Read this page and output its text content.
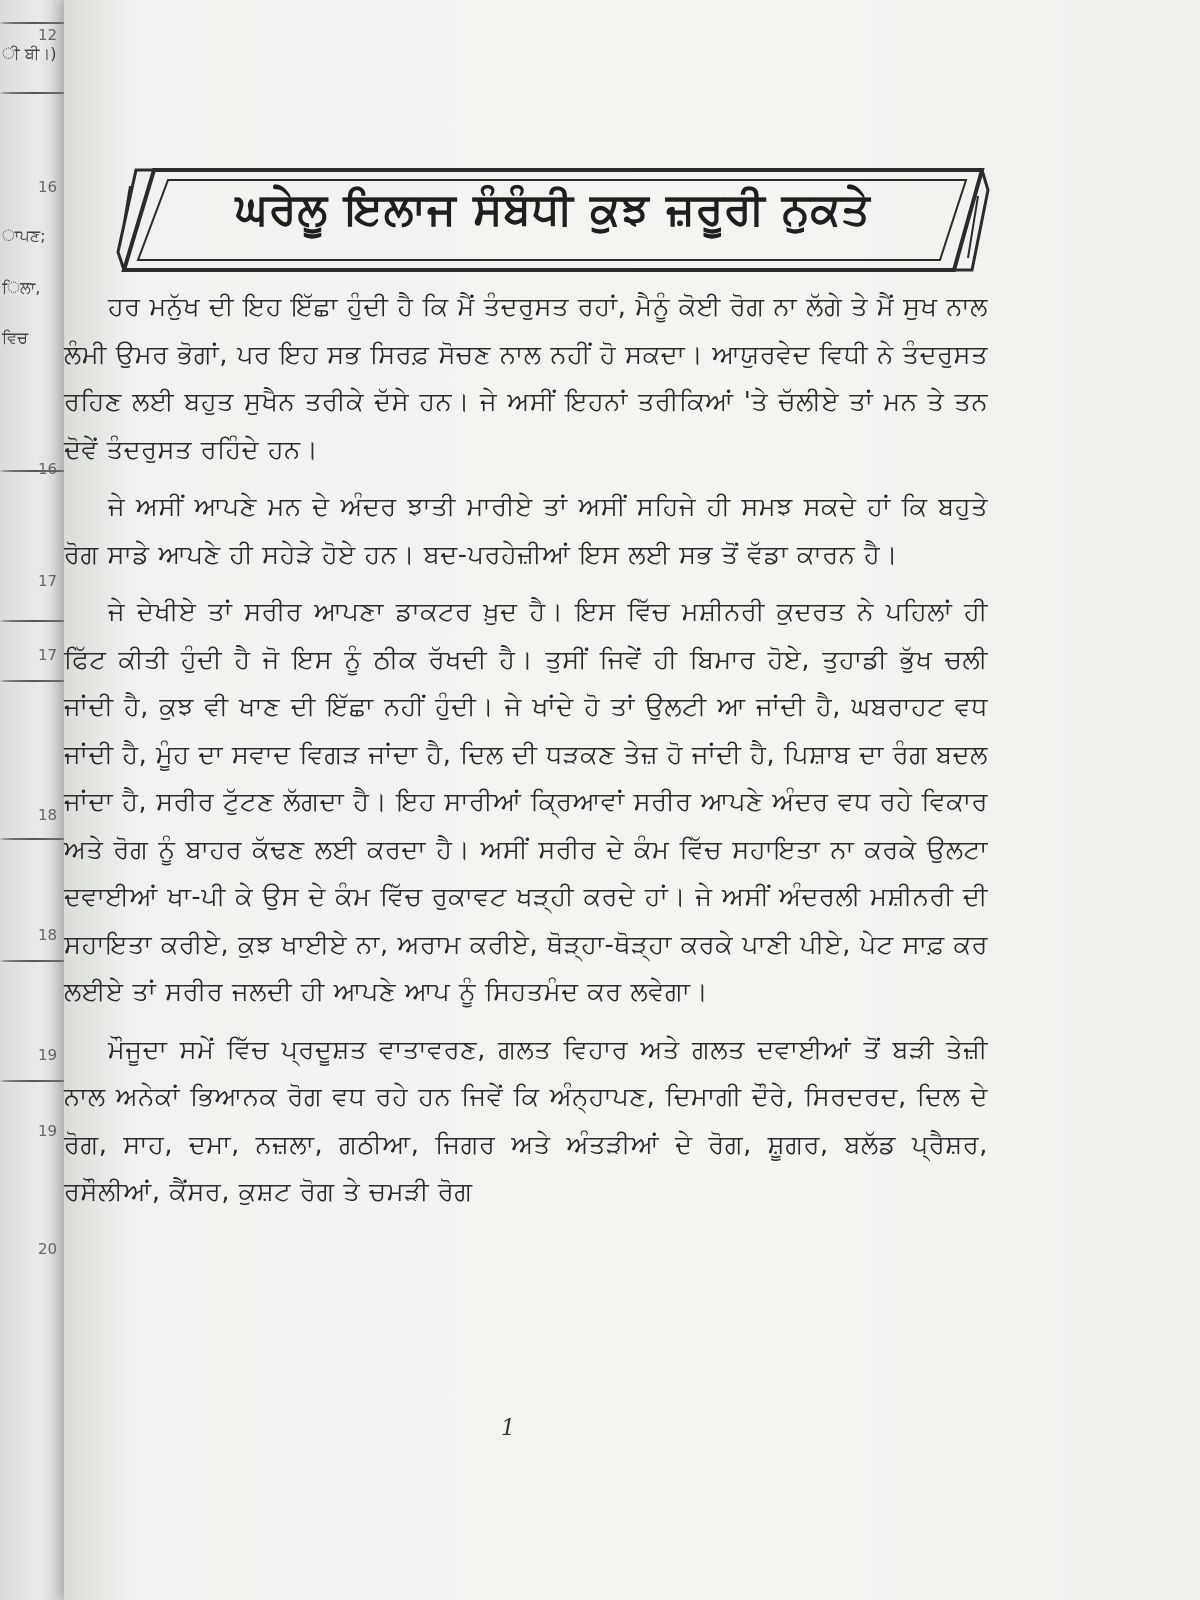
ੀ ਬੀ।)
12
16
ਾਪਣ;
ਿਲਾ,
ਵਿਚ
16
17
17
18
18
19
19
20
ਘਰੇਲੂ ਇਲਾਜ ਸੰਬੰਧੀ ਕੁਝ ਜ਼ਰੂਰੀ ਨੁਕਤੇ

ਹਰ ਮਨੁੱਖ ਦੀ ਇਹ ਇੱਛਾ ਹੁੰਦੀ ਹੈ ਕਿ ਮੈਂ ਤੰਦਰੁਸਤ ਰਹਾਂ, ਮੈਨੂੰ ਕੋਈ ਰੋਗ ਨਾ ਲੱਗੇ ਤੇ ਮੈਂ ਸੁਖ ਨਾਲ ਲੰਮੀ ਉਮਰ ਭੋਗਾਂ, ਪਰ ਇਹ ਸਭ ਸਿਰਫ਼ ਸੋਚਣ ਨਾਲ ਨਹੀਂ ਹੋ ਸਕਦਾ। ਆਯੁਰਵੇਦ ਵਿਧੀ ਨੇ ਤੰਦਰੁਸਤ ਰਹਿਣ ਲਈ ਬਹੁਤ ਸੁਖੈਨ ਤਰੀਕੇ ਦੱਸੇ ਹਨ। ਜੇ ਅਸੀਂ ਇਹਨਾਂ ਤਰੀਕਿਆਂ 'ਤੇ ਚੱਲੀਏ ਤਾਂ ਮਨ ਤੇ ਤਨ ਦੋਵੇਂ ਤੰਦਰੁਸਤ ਰਹਿੰਦੇ ਹਨ।

ਜੇ ਅਸੀਂ ਆਪਣੇ ਮਨ ਦੇ ਅੰਦਰ ਝਾਤੀ ਮਾਰੀਏ ਤਾਂ ਅਸੀਂ ਸਹਿਜੇ ਹੀ ਸਮਝ ਸਕਦੇ ਹਾਂ ਕਿ ਬਹੁਤੇ ਰੋਗ ਸਾਡੇ ਆਪਣੇ ਹੀ ਸਹੇੜੇ ਹੋਏ ਹਨ। ਬਦ-ਪਰਹੇਜ਼ੀਆਂ ਇਸ ਲਈ ਸਭ ਤੋਂ ਵੱਡਾ ਕਾਰਨ ਹੈ।

ਜੇ ਦੇਖੀਏ ਤਾਂ ਸਰੀਰ ਆਪਣਾ ਡਾਕਟਰ ਖ਼ੁਦ ਹੈ। ਇਸ ਵਿੱਚ ਮਸ਼ੀਨਰੀ ਕੁਦਰਤ ਨੇ ਪਹਿਲਾਂ ਹੀ ਫਿੱਟ ਕੀਤੀ ਹੁੰਦੀ ਹੈ ਜੋ ਇਸ ਨੂੰ ਠੀਕ ਰੱਖਦੀ ਹੈ। ਤੁਸੀਂ ਜਿਵੇਂ ਹੀ ਬਿਮਾਰ ਹੋਏ, ਤੁਹਾਡੀ ਭੁੱਖ ਚਲੀ ਜਾਂਦੀ ਹੈ, ਕੁਝ ਵੀ ਖਾਣ ਦੀ ਇੱਛਾ ਨਹੀਂ ਹੁੰਦੀ। ਜੇ ਖਾਂਦੇ ਹੋ ਤਾਂ ਉਲਟੀ ਆ ਜਾਂਦੀ ਹੈ, ਘਬਰਾਹਟ ਵਧ ਜਾਂਦੀ ਹੈ, ਮੂੰਹ ਦਾ ਸਵਾਦ ਵਿਗੜ ਜਾਂਦਾ ਹੈ, ਦਿਲ ਦੀ ਧੜਕਣ ਤੇਜ਼ ਹੋ ਜਾਂਦੀ ਹੈ, ਪਿਸ਼ਾਬ ਦਾ ਰੰਗ ਬਦਲ ਜਾਂਦਾ ਹੈ, ਸਰੀਰ ਟੁੱਟਣ ਲੱਗਦਾ ਹੈ। ਇਹ ਸਾਰੀਆਂ ਕ੍ਰਿਆਵਾਂ ਸਰੀਰ ਆਪਣੇ ਅੰਦਰ ਵਧ ਰਹੇ ਵਿਕਾਰ ਅਤੇ ਰੋਗ ਨੂੰ ਬਾਹਰ ਕੱਢਣ ਲਈ ਕਰਦਾ ਹੈ। ਅਸੀਂ ਸਰੀਰ ਦੇ ਕੰਮ ਵਿੱਚ ਸਹਾਇਤਾ ਨਾ ਕਰਕੇ ਉਲਟਾ ਦਵਾਈਆਂ ਖਾ-ਪੀ ਕੇ ਉਸ ਦੇ ਕੰਮ ਵਿੱਚ ਰੁਕਾਵਟ ਖੜ੍ਹੀ ਕਰਦੇ ਹਾਂ। ਜੇ ਅਸੀਂ ਅੰਦਰਲੀ ਮਸ਼ੀਨਰੀ ਦੀ ਸਹਾਇਤਾ ਕਰੀਏ, ਕੁਝ ਖਾਈਏ ਨਾ, ਅਰਾਮ ਕਰੀਏ, ਥੋੜ੍ਹਾ-ਥੋੜ੍ਹਾ ਕਰਕੇ ਪਾਣੀ ਪੀਏ, ਪੇਟ ਸਾਫ਼ ਕਰ ਲਈਏ ਤਾਂ ਸਰੀਰ ਜਲਦੀ ਹੀ ਆਪਣੇ ਆਪ ਨੂੰ ਸਿਹਤਮੰਦ ਕਰ ਲਵੇਗਾ।

ਮੌਜੂਦਾ ਸਮੇਂ ਵਿੱਚ ਪ੍ਰਦੂਸ਼ਤ ਵਾਤਾਵਰਣ, ਗਲਤ ਵਿਹਾਰ ਅਤੇ ਗਲਤ ਦਵਾਈਆਂ ਤੋਂ ਬੜੀ ਤੇਜ਼ੀ ਨਾਲ ਅਨੇਕਾਂ ਭਿਆਨਕ ਰੋਗ ਵਧ ਰਹੇ ਹਨ ਜਿਵੇਂ ਕਿ ਅੰਨ੍ਹਾਪਣ, ਦਿਮਾਗੀ ਦੌਰੇ, ਸਿਰਦਰਦ, ਦਿਲ ਦੇ ਰੋਗ, ਸਾਹ, ਦਮਾ, ਨਜ਼ਲਾ, ਗਠੀਆ, ਜਿਗਰ ਅਤੇ ਅੰਤੜੀਆਂ ਦੇ ਰੋਗ, ਸ਼ੂਗਰ, ਬਲੱਡ ਪ੍ਰੈਸ਼ਰ, ਰਸੌਲੀਆਂ, ਕੈਂਸਰ, ਕੁਸ਼ਟ ਰੋਗ ਤੇ ਚਮੜੀ ਰੋਗ

1
